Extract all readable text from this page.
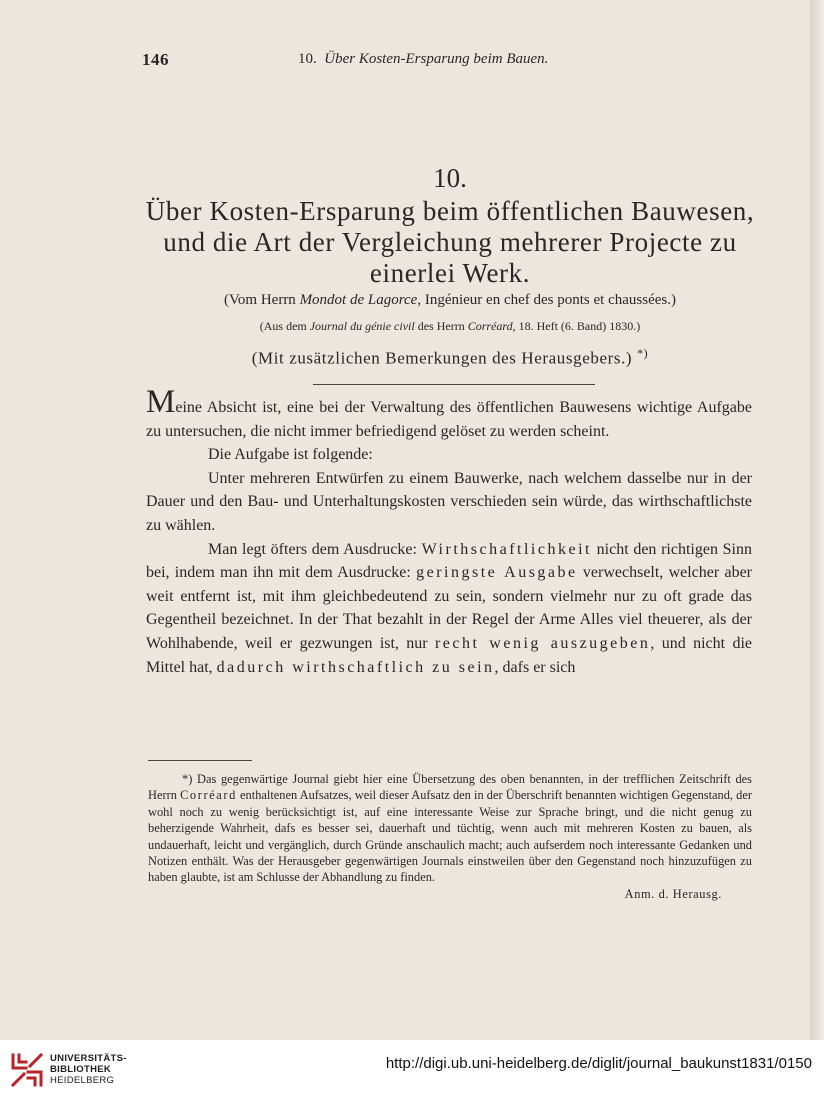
146	10. Über Kosten-Ersparung beim Bauen.
10.
Über Kosten-Ersparung beim öffentlichen Bauwesen,
und die Art der Vergleichung mehrerer Projecte zu
einerlei Werk.
(Vom Herrn Mondot de Lagorce, Ingénieur en chef des ponts et chaussées.)
(Aus dem Journal du génie civil des Herrn Corréard, 18. Heft (6. Band) 1830.)
(Mit zusätzlichen Bemerkungen des Herausgebers.) *)

Meine Absicht ist, eine bei der Verwaltung des öffentlichen Bauwesens wichtige Aufgabe zu untersuchen, die nicht immer befriedigend gelöset zu werden scheint.

Die Aufgabe ist folgende:

Unter mehreren Entwürfen zu einem Bauwerke, nach welchem dasselbe nur in der Dauer und den Bau- und Unterhaltungskosten verschieden sein würde, das wirthschaftlichste zu wählen.

Man legt öfters dem Ausdrucke: Wirthschaftlichkeit nicht den richtigen Sinn bei, indem man ihn mit dem Ausdrucke: geringste Ausgabe verwechselt, welcher aber weit entfernt ist, mit ihm gleichbedeutend zu sein, sondern vielmehr nur zu oft grade das Gegentheil bezeichnet. In der That bezahlt in der Regel der Arme Alles viel theuerer, als der Wohlhabende, weil er gezwungen ist, nur recht wenig auszugeben, und nicht die Mittel hat, dadurch wirthschaftlich zu sein, dafs er sich

*) Das gegenwärtige Journal giebt hier eine Übersetzung des oben benannten, in der trefflichen Zeitschrift des Herrn Corréard enthaltenen Aufsatzes, weil dieser Aufsatz den in der Überschrift benannten wichtigen Gegenstand, der wohl noch zu wenig berücksichtigt ist, auf eine interessante Weise zur Sprache bringt, und die nicht genug zu beherzigende Wahrheit, dafs es besser sei, dauerhaft und tüchtig, wenn auch mit mehreren Kosten zu bauen, als undauerhaft, leicht und vergänglich, durch Gründe anschaulich macht; auch aufserdem noch interessante Gedanken und Notizen enthält. Was der Herausgeber gegenwärtigen Journals einstweilen über den Gegenstand noch hinzuzufügen zu haben glaubte, ist am Schlusse der Abhandlung zu finden.

Anm. d. Herausg.

UNIVERSITÄTS-
BIBLIOTHEK
HEIDELBERG
http://digi.ub.uni-heidelberg.de/diglit/journal_baukunst1831/0150
